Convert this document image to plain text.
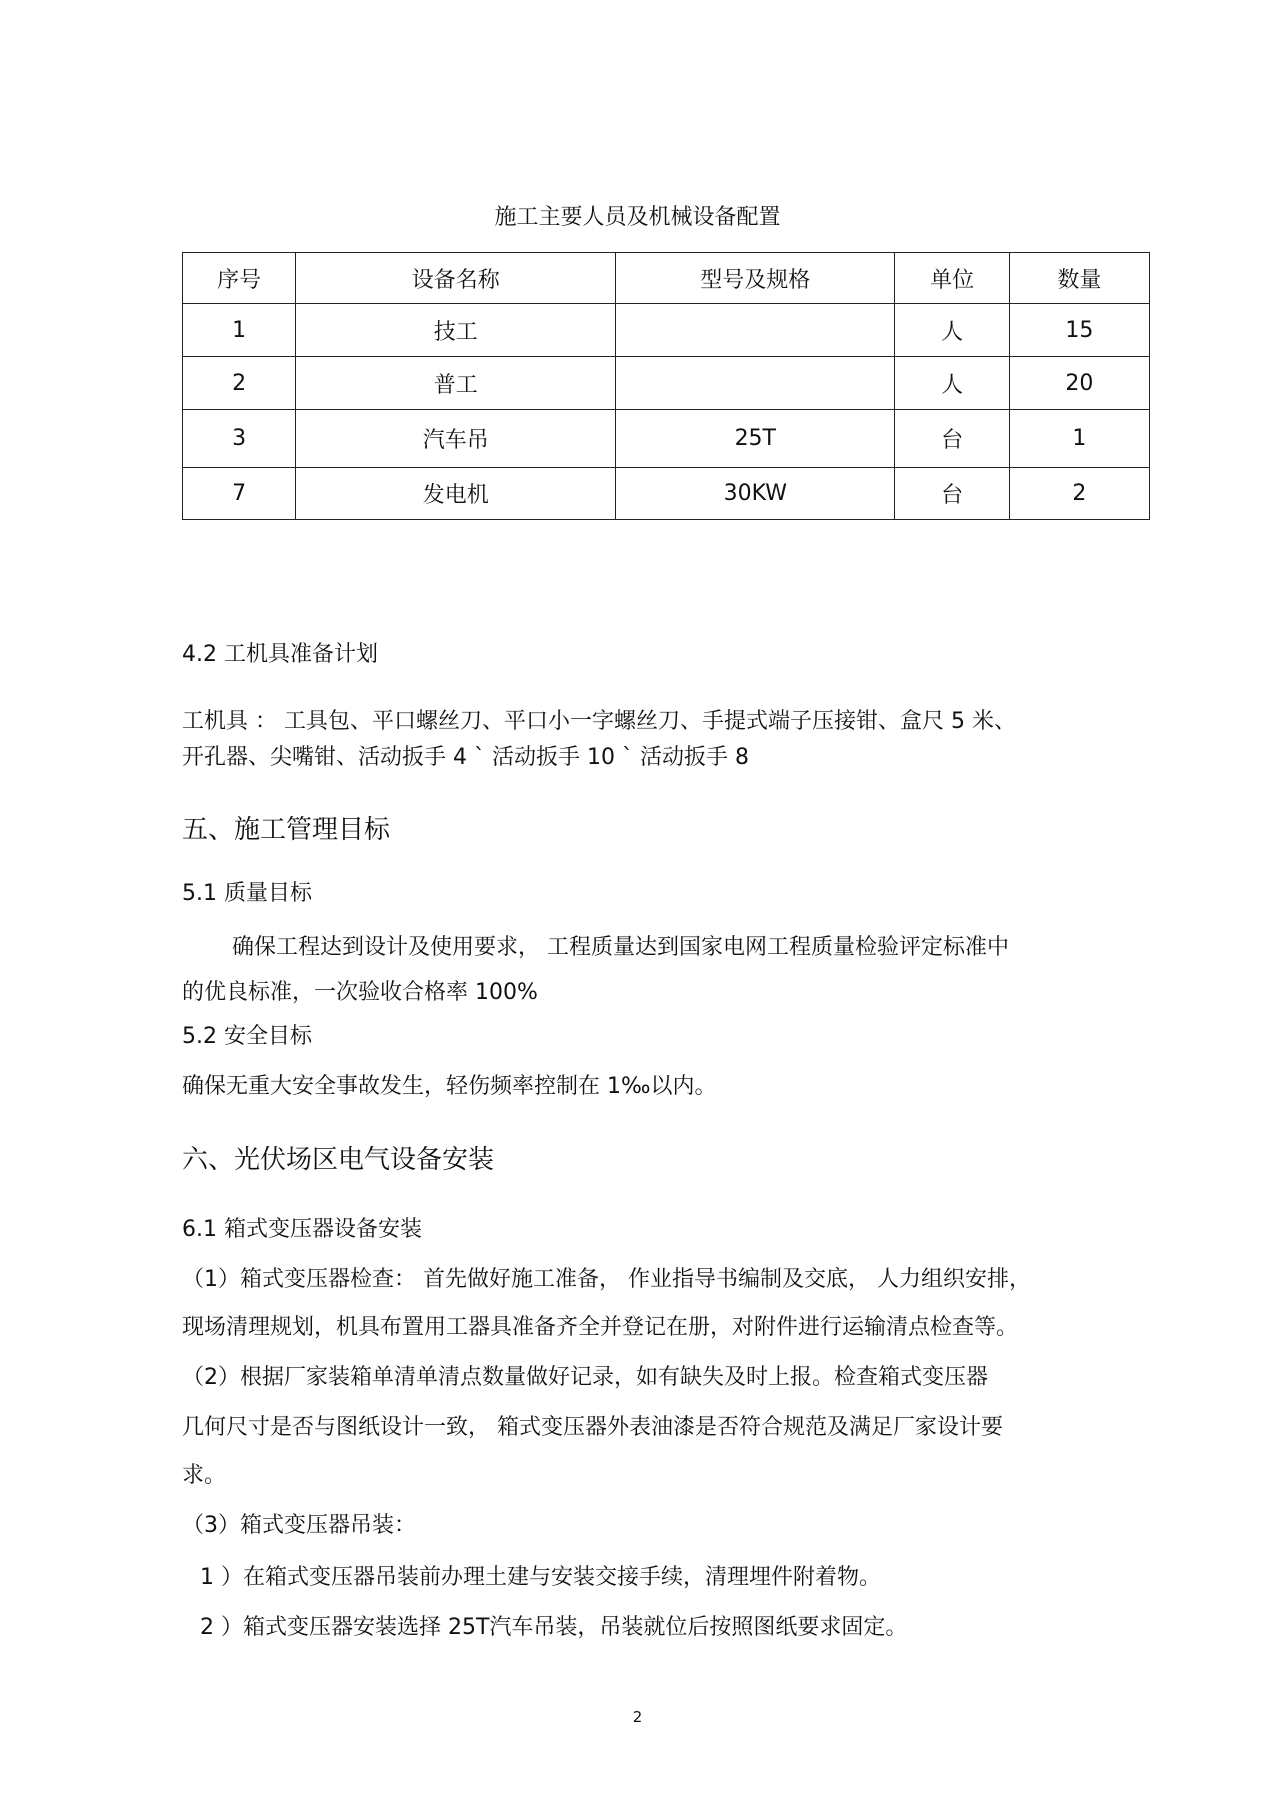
施工主要人员及机械设备配置
序号	设备名称	型号及规格	单位	数量
1	技工		人	15
2	普工		人	20
3	汽车吊	25T	台	1
7	发电机	30KW	台	2
4.2 工机具准备计划
工机具 ： 工具包、平口螺丝刀、平口小一字螺丝刀、手提式端子压接钳、盒尺 5 米、
开孔器、尖嘴钳、活动扳手 4 ` 活动扳手 10 ` 活动扳手 8
五、施工管理目标
5.1 质量目标
确保工程达到设计及使用要求， 工程质量达到国家电网工程质量检验评定标准中
的优良标准，一次验收合格率 100%
5.2 安全目标
确保无重大安全事故发生，轻伤频率控制在 1‰以内。
六、光伏场区电气设备安装
6.1 箱式变压器设备安装
（1）箱式变压器检查： 首先做好施工准备， 作业指导书编制及交底， 人力组织安排，
现场清理规划，机具布置用工器具准备齐全并登记在册，对附件进行运输清点检查等。
（2）根据厂家装箱单清单清点数量做好记录，如有缺失及时上报。检查箱式变压器
几何尺寸是否与图纸设计一致， 箱式变压器外表油漆是否符合规范及满足厂家设计要
求。
（3）箱式变压器吊装：
1 ）在箱式变压器吊装前办理土建与安装交接手续，清理埋件附着物。
2 ）箱式变压器安装选择 25T汽车吊装，吊装就位后按照图纸要求固定。
2
